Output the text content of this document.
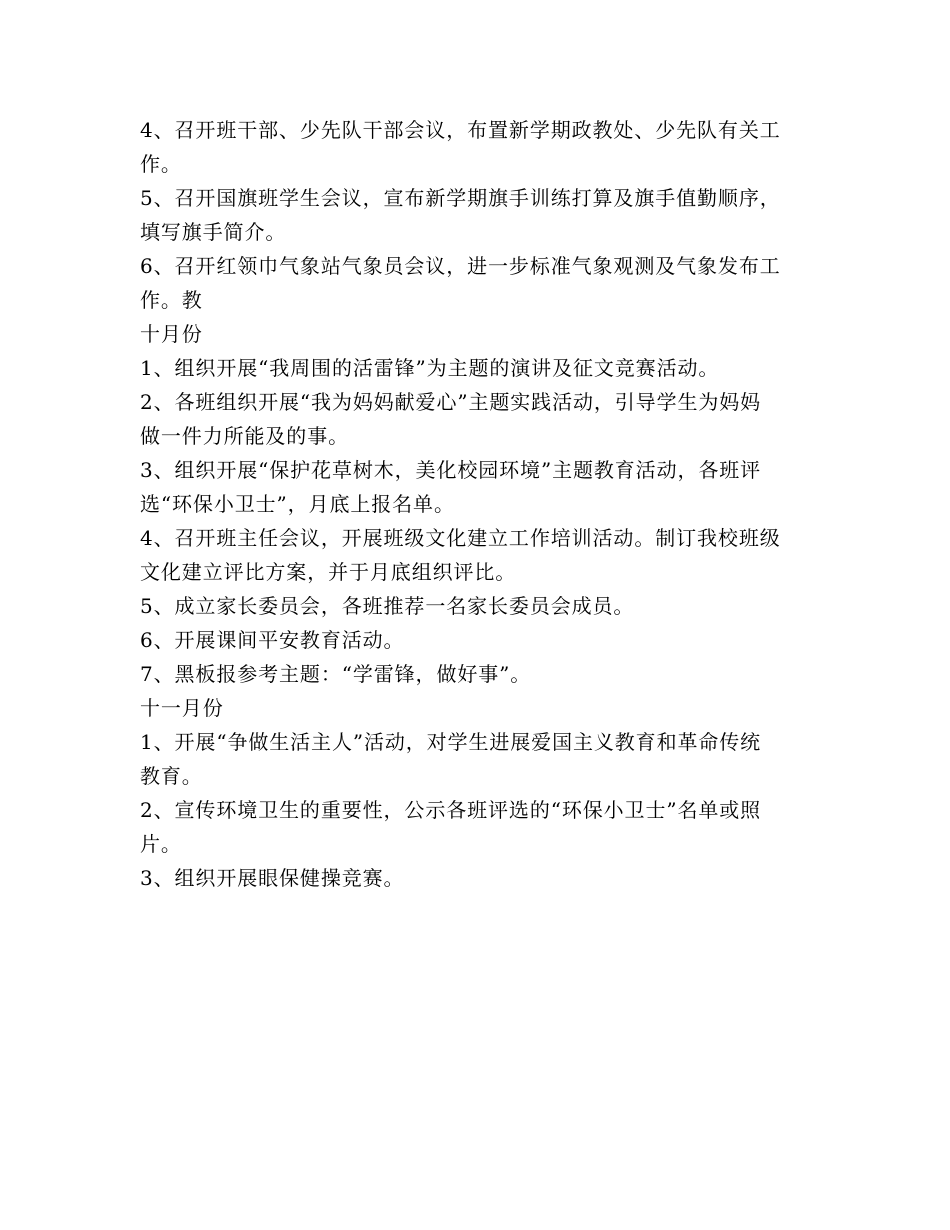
4、召开班干部、少先队干部会议，布置新学期政教处、少先队有关工
作。
5、召开国旗班学生会议，宣布新学期旗手训练打算及旗手值勤顺序，
填写旗手简介。
6、召开红领巾气象站气象员会议，进一步标准气象观测及气象发布工
作。教
十月份
1、组织开展“我周围的活雷锋”为主题的演讲及征文竞赛活动。
2、各班组织开展“我为妈妈献爱心”主题实践活动，引导学生为妈妈
做一件力所能及的事。
3、组织开展“保护花草树木，美化校园环境”主题教育活动，各班评
选“环保小卫士”，月底上报名单。
4、召开班主任会议，开展班级文化建立工作培训活动。制订我校班级
文化建立评比方案，并于月底组织评比。
5、成立家长委员会，各班推荐一名家长委员会成员。
6、开展课间平安教育活动。
7、黑板报参考主题：“学雷锋，做好事”。
十一月份
1、开展“争做生活主人”活动，对学生进展爱国主义教育和革命传统
教育。
2、宣传环境卫生的重要性，公示各班评选的“环保小卫士”名单或照
片。
3、组织开展眼保健操竞赛。
